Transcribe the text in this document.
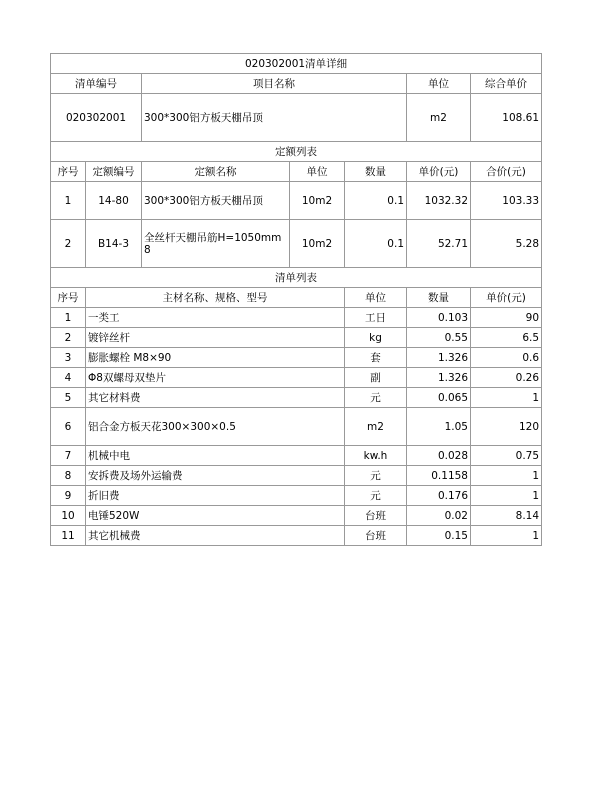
020302001清单详细							
清单编号		项目名称			单位	综合单价	
020302001		300*300铝方板天棚吊顶			m2	108.61	
定额列表							
序号	定额编号	定额名称	单位	数量	单价(元)	合价(元)	
1	14-80	300*300铝方板天棚吊顶	10m2	0.1	1032.32	103.33	
2	B14-3	全丝杆天棚吊筋H=1050mm 8	10m2	0.1	52.71	5.28	
清单列表							
序号	主材名称、规格、型号			单位	数量	单价(元)	
1	一类工			工日	0.103	90	
2	镀锌丝杆			kg	0.55	6.5	
3	膨胀螺栓 M8×90			套	1.326	0.6	
4	Φ8双螺母双垫片			副	1.326	0.26	
5	其它材料费			元	0.065	1	
6	铝合金方板天花300×300×0.5			m2	1.05	120	
7	机械中电			kw.h	0.028	0.75	
8	安拆费及场外运输费			元	0.1158	1	
9	折旧费			元	0.176	1	
10	电锤520W			台班	0.02	8.14	
11	其它机械费			台班	0.15	1	
